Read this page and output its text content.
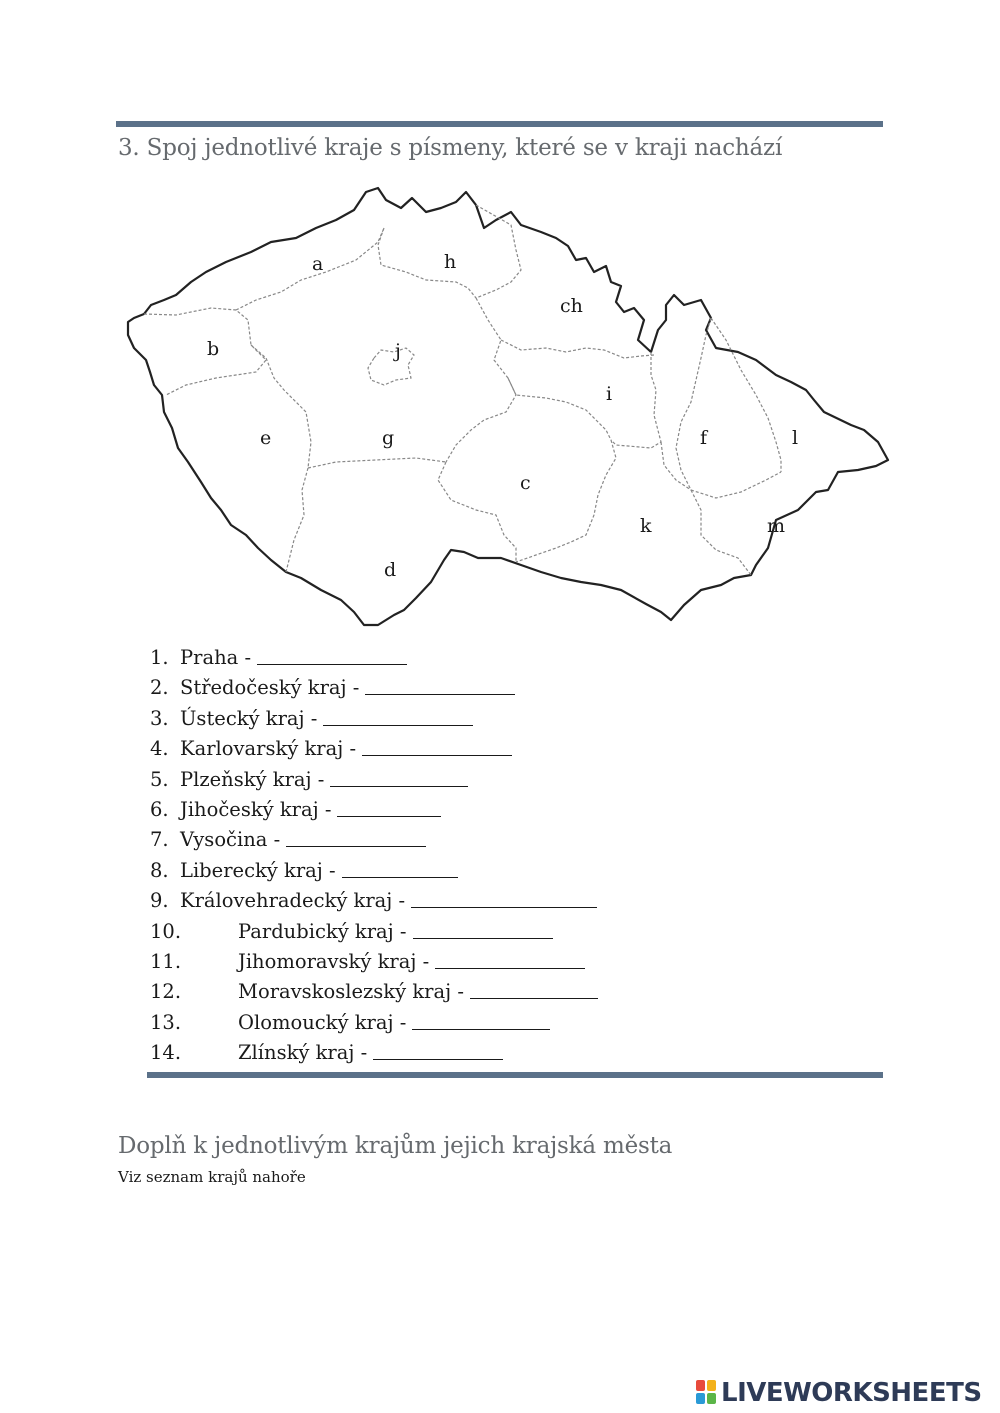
3. Spoj jednotlivé kraje s písmeny, které se v kraji nachází
a	h
ch
b	j
i
e	g	f	l
c
k	m
d
1. Praha -
2. Středočeský kraj -
3. Ústecký kraj -
4. Karlovarský kraj -
5. Plzeňský kraj -
6. Jihočeský kraj -
7. Vysočina -
8. Liberecký kraj -
9. Královehradecký kraj -
10.	Pardubický kraj -
11.	Jihomoravský kraj -
12.	Moravskoslezský kraj -
13.	Olomoucký kraj -
14.	Zlínský kraj -
Doplň k jednotlivým krajům jejich krajská města
Viz seznam krajů nahoře
LIVEWORKSHEETS
